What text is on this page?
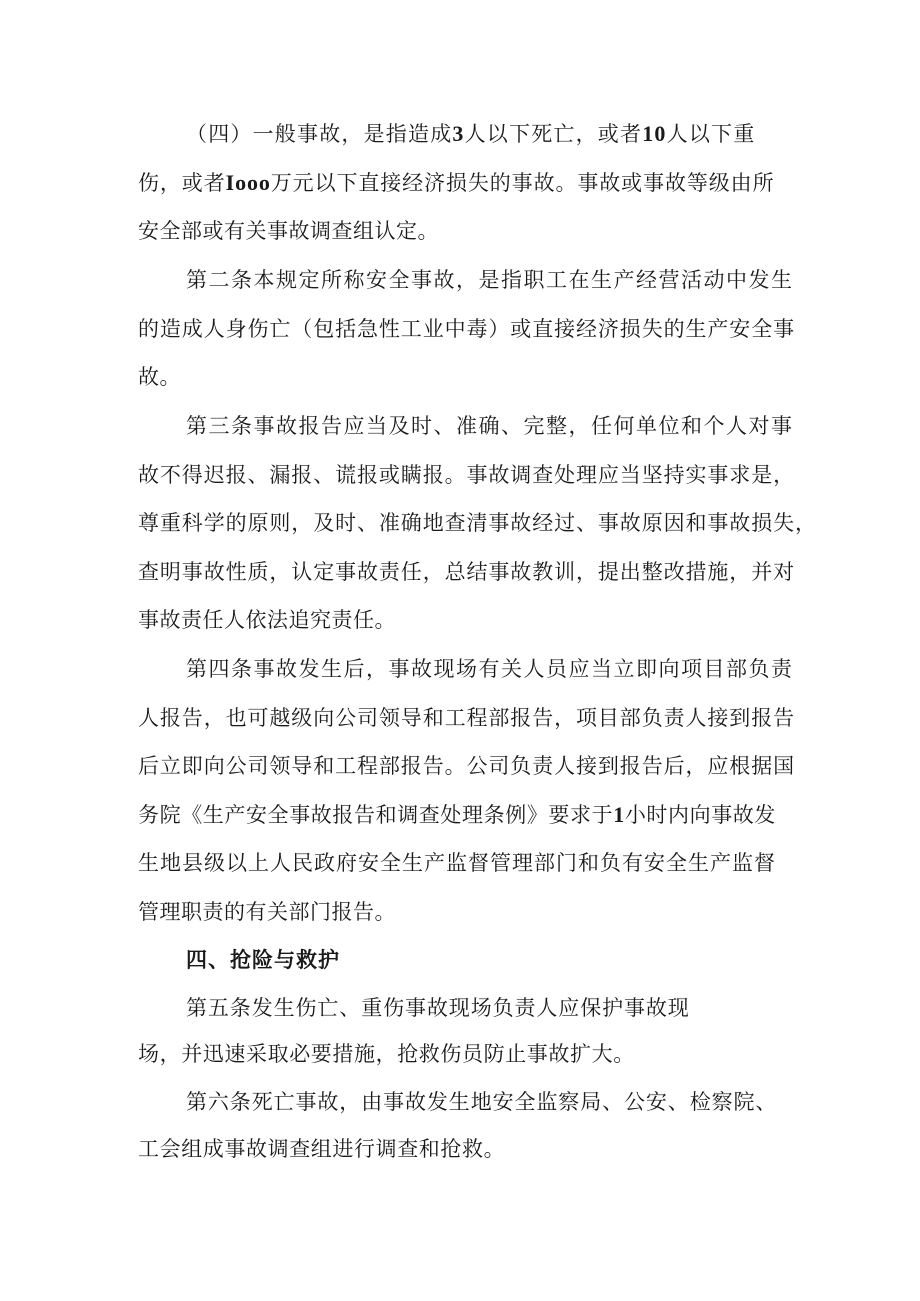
（四）一般事故，是指造成3人以下死亡，或者10人以下重
伤，或者Iooo万元以下直接经济损失的事故。事故或事故等级由所
安全部或有关事故调查组认定。
第二条本规定所称安全事故，是指职工在生产经营活动中发生
的造成人身伤亡（包括急性工业中毒）或直接经济损失的生产安全事
故。
第三条事故报告应当及时、准确、完整，任何单位和个人对事
故不得迟报、漏报、谎报或瞒报。事故调查处理应当坚持实事求是，
尊重科学的原则，及时、准确地查清事故经过、事故原因和事故损失，
查明事故性质，认定事故责任，总结事故教训，提出整改措施，并对
事故责任人依法追究责任。
第四条事故发生后，事故现场有关人员应当立即向项目部负责
人报告，也可越级向公司领导和工程部报告，项目部负责人接到报告
后立即向公司领导和工程部报告。公司负责人接到报告后，应根据国
务院《生产安全事故报告和调查处理条例》要求于1小时内向事故发
生地县级以上人民政府安全生产监督管理部门和负有安全生产监督
管理职责的有关部门报告。
四、抢险与救护
第五条发生伤亡、重伤事故现场负责人应保护事故现
场，并迅速采取必要措施，抢救伤员防止事故扩大。
第六条死亡事故，由事故发生地安全监察局、公安、检察院、
工会组成事故调查组进行调查和抢救。
